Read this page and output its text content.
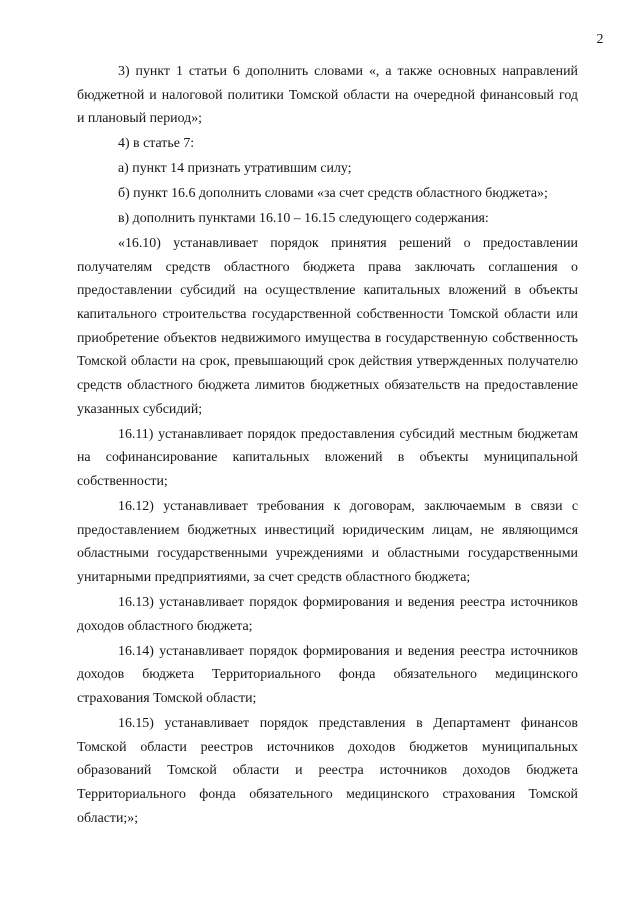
2
3) пункт 1 статьи 6 дополнить словами «, а также основных направлений
бюджетной и налоговой политики Томской области на очередной финансовый год
и плановый период»;
4) в статье 7:
а) пункт 14 признать утратившим силу;
б) пункт 16.6 дополнить словами «за счет средств областного бюджета»;
в) дополнить пунктами 16.10 – 16.15 следующего содержания:
«16.10) устанавливает порядок принятия решений о предоставлении
получателям средств областного бюджета права заключать соглашения о
предоставлении субсидий на осуществление капитальных вложений в объекты
капитального строительства государственной собственности Томской области или
приобретение объектов недвижимого имущества в государственную собственность
Томской области на срок, превышающий срок действия утвержденных получателю
средств областного бюджета лимитов бюджетных обязательств на предоставление
указанных субсидий;
16.11) устанавливает порядок предоставления субсидий местным бюджетам
на софинансирование капитальных вложений в объекты муниципальной
собственности;
16.12) устанавливает требования к договорам, заключаемым в связи с
предоставлением бюджетных инвестиций юридическим лицам, не являющимся
областными государственными учреждениями и областными государственными
унитарными предприятиями, за счет средств областного бюджета;
16.13) устанавливает порядок формирования и ведения реестра источников
доходов областного бюджета;
16.14) устанавливает порядок формирования и ведения реестра источников
доходов бюджета Территориального фонда обязательного медицинского
страхования Томской области;
16.15) устанавливает порядок представления в Департамент финансов
Томской области реестров источников доходов бюджетов муниципальных
образований Томской области и реестра источников доходов бюджета
Территориального фонда обязательного медицинского страхования Томской
области;»;
